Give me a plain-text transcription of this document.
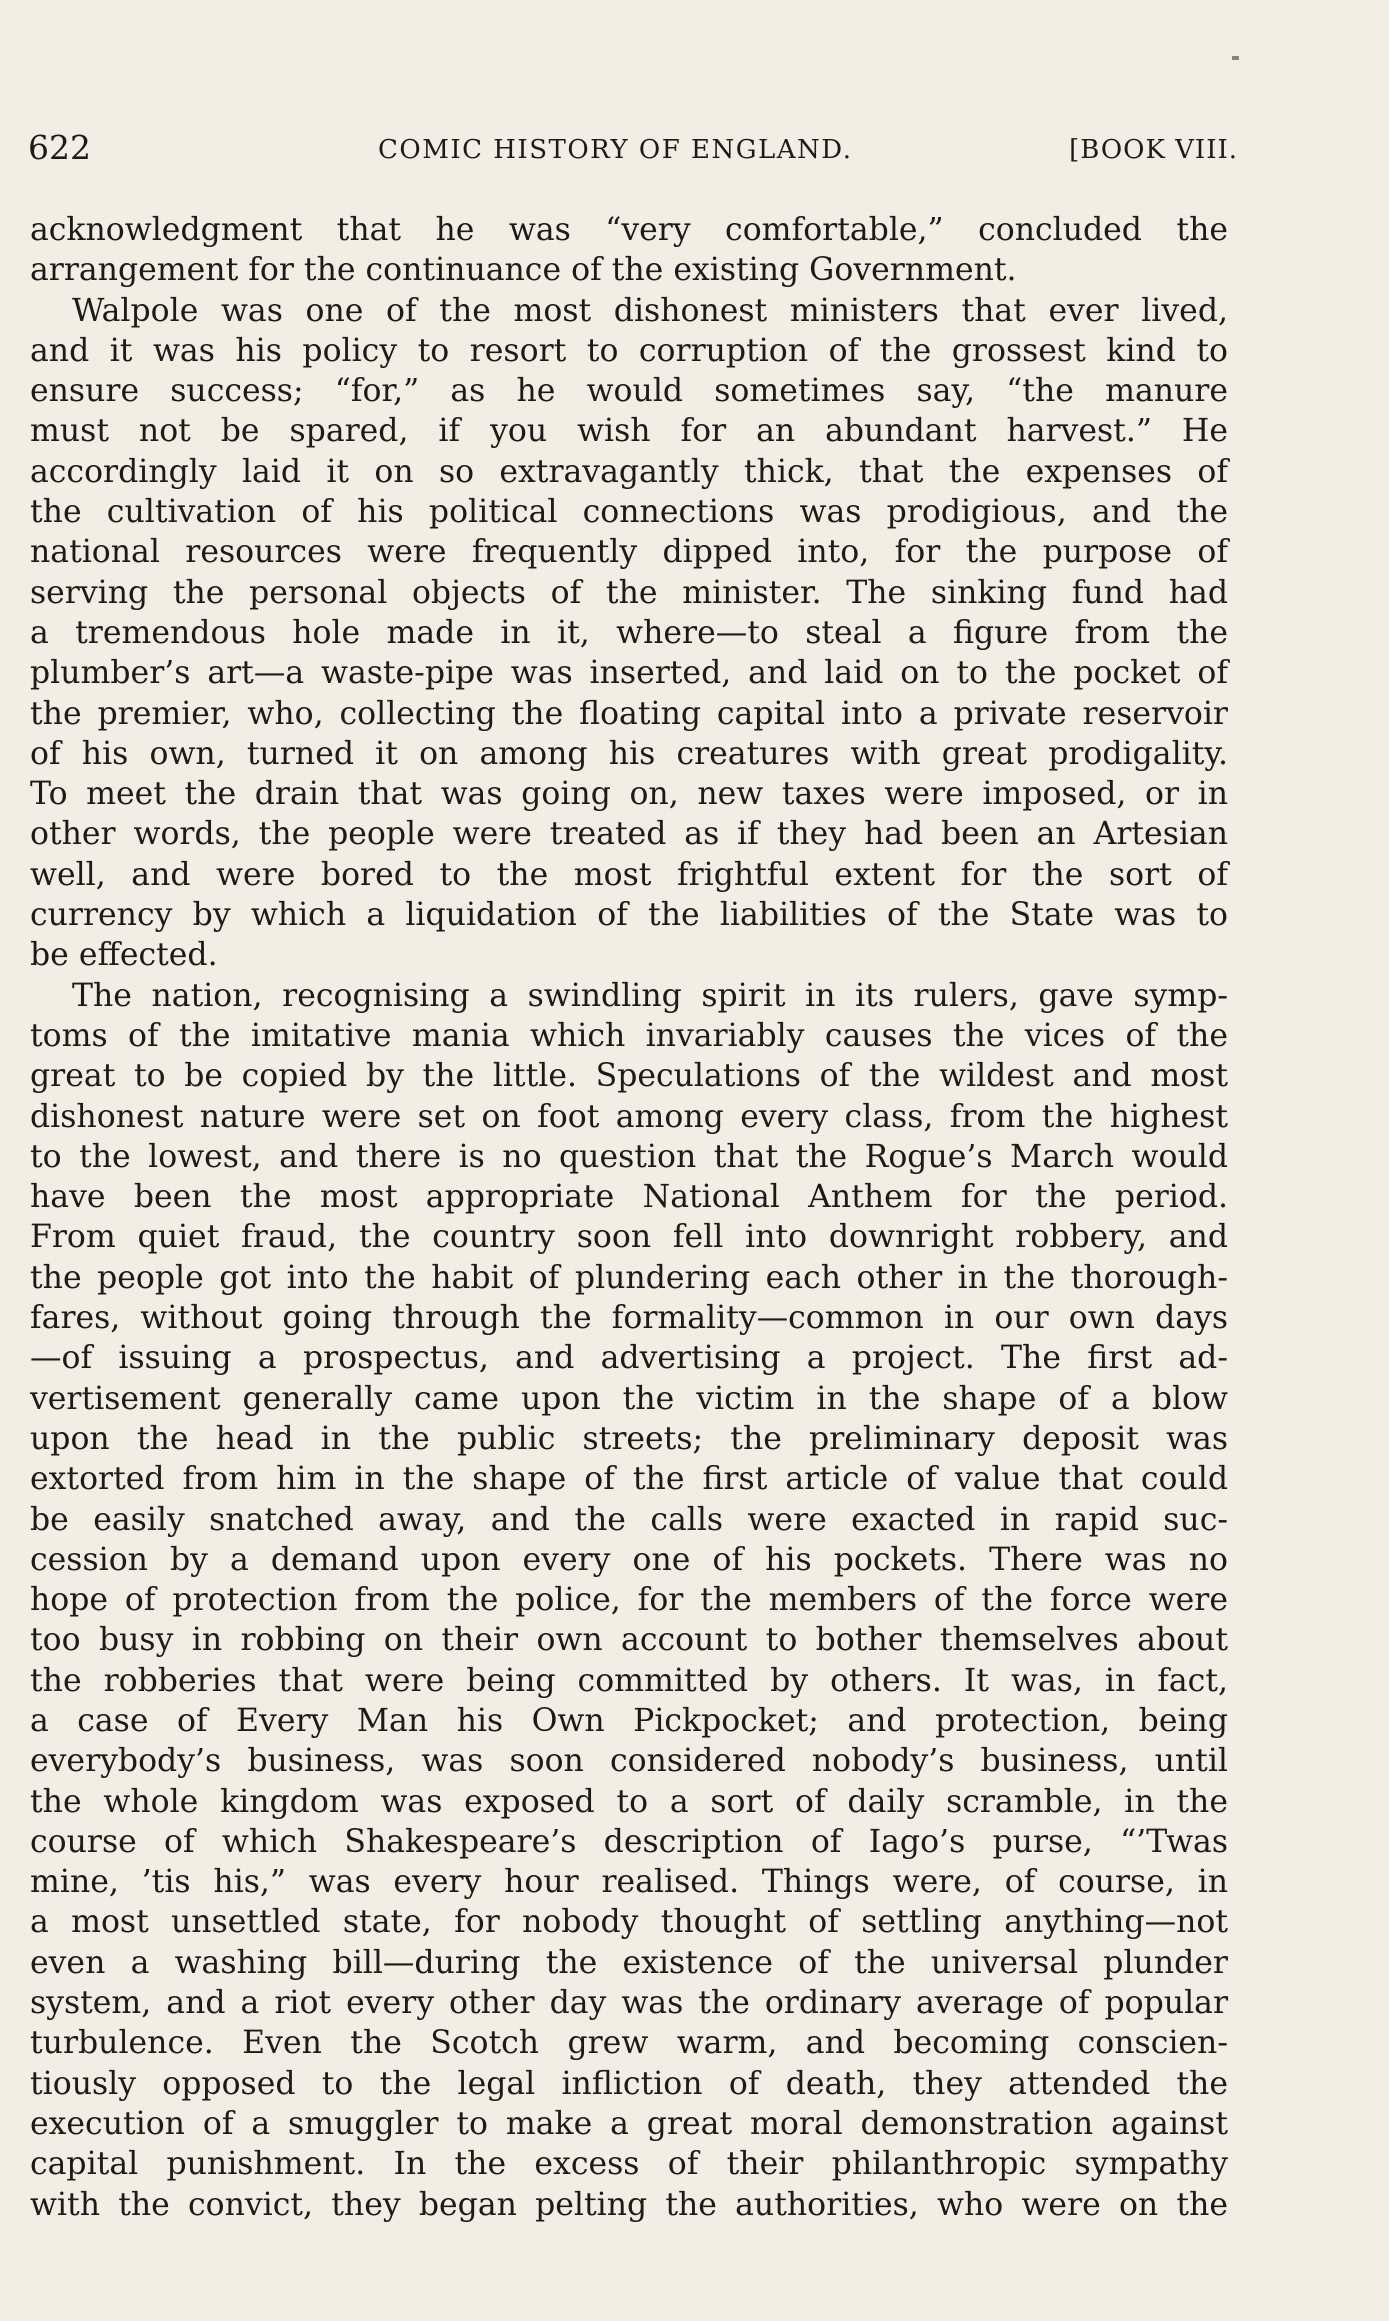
622	COMIC HISTORY OF ENGLAND.	[BOOK VIII.
acknowledgment that he was “very comfortable,” concluded the
arrangement for the continuance of the existing Government.
Walpole was one of the most dishonest ministers that ever lived,
and it was his policy to resort to corruption of the grossest kind to
ensure success; “for,” as he would sometimes say, “the manure
must not be spared, if you wish for an abundant harvest.” He
accordingly laid it on so extravagantly thick, that the expenses of
the cultivation of his political connections was prodigious, and the
national resources were frequently dipped into, for the purpose of
serving the personal objects of the minister. The sinking fund had
a tremendous hole made in it, where—to steal a figure from the
plumber’s art—a waste-pipe was inserted, and laid on to the pocket of
the premier, who, collecting the floating capital into a private reservoir
of his own, turned it on among his creatures with great prodigality.
To meet the drain that was going on, new taxes were imposed, or in
other words, the people were treated as if they had been an Artesian
well, and were bored to the most frightful extent for the sort of
currency by which a liquidation of the liabilities of the State was to
be effected.
The nation, recognising a swindling spirit in its rulers, gave symp-
toms of the imitative mania which invariably causes the vices of the
great to be copied by the little. Speculations of the wildest and most
dishonest nature were set on foot among every class, from the highest
to the lowest, and there is no question that the Rogue’s March would
have been the most appropriate National Anthem for the period.
From quiet fraud, the country soon fell into downright robbery, and
the people got into the habit of plundering each other in the thorough-
fares, without going through the formality—common in our own days
—of issuing a prospectus, and advertising a project. The first ad-
vertisement generally came upon the victim in the shape of a blow
upon the head in the public streets; the preliminary deposit was
extorted from him in the shape of the first article of value that could
be easily snatched away, and the calls were exacted in rapid suc-
cession by a demand upon every one of his pockets. There was no
hope of protection from the police, for the members of the force were
too busy in robbing on their own account to bother themselves about
the robberies that were being committed by others. It was, in fact,
a case of Every Man his Own Pickpocket; and protection, being
everybody’s business, was soon considered nobody’s business, until
the whole kingdom was exposed to a sort of daily scramble, in the
course of which Shakespeare’s description of Iago’s purse, “’Twas
mine, ’tis his,” was every hour realised. Things were, of course, in
a most unsettled state, for nobody thought of settling anything—not
even a washing bill—during the existence of the universal plunder
system, and a riot every other day was the ordinary average of popular
turbulence. Even the Scotch grew warm, and becoming conscien-
tiously opposed to the legal infliction of death, they attended the
execution of a smuggler to make a great moral demonstration against
capital punishment. In the excess of their philanthropic sympathy
with the convict, they began pelting the authorities, who were on the
